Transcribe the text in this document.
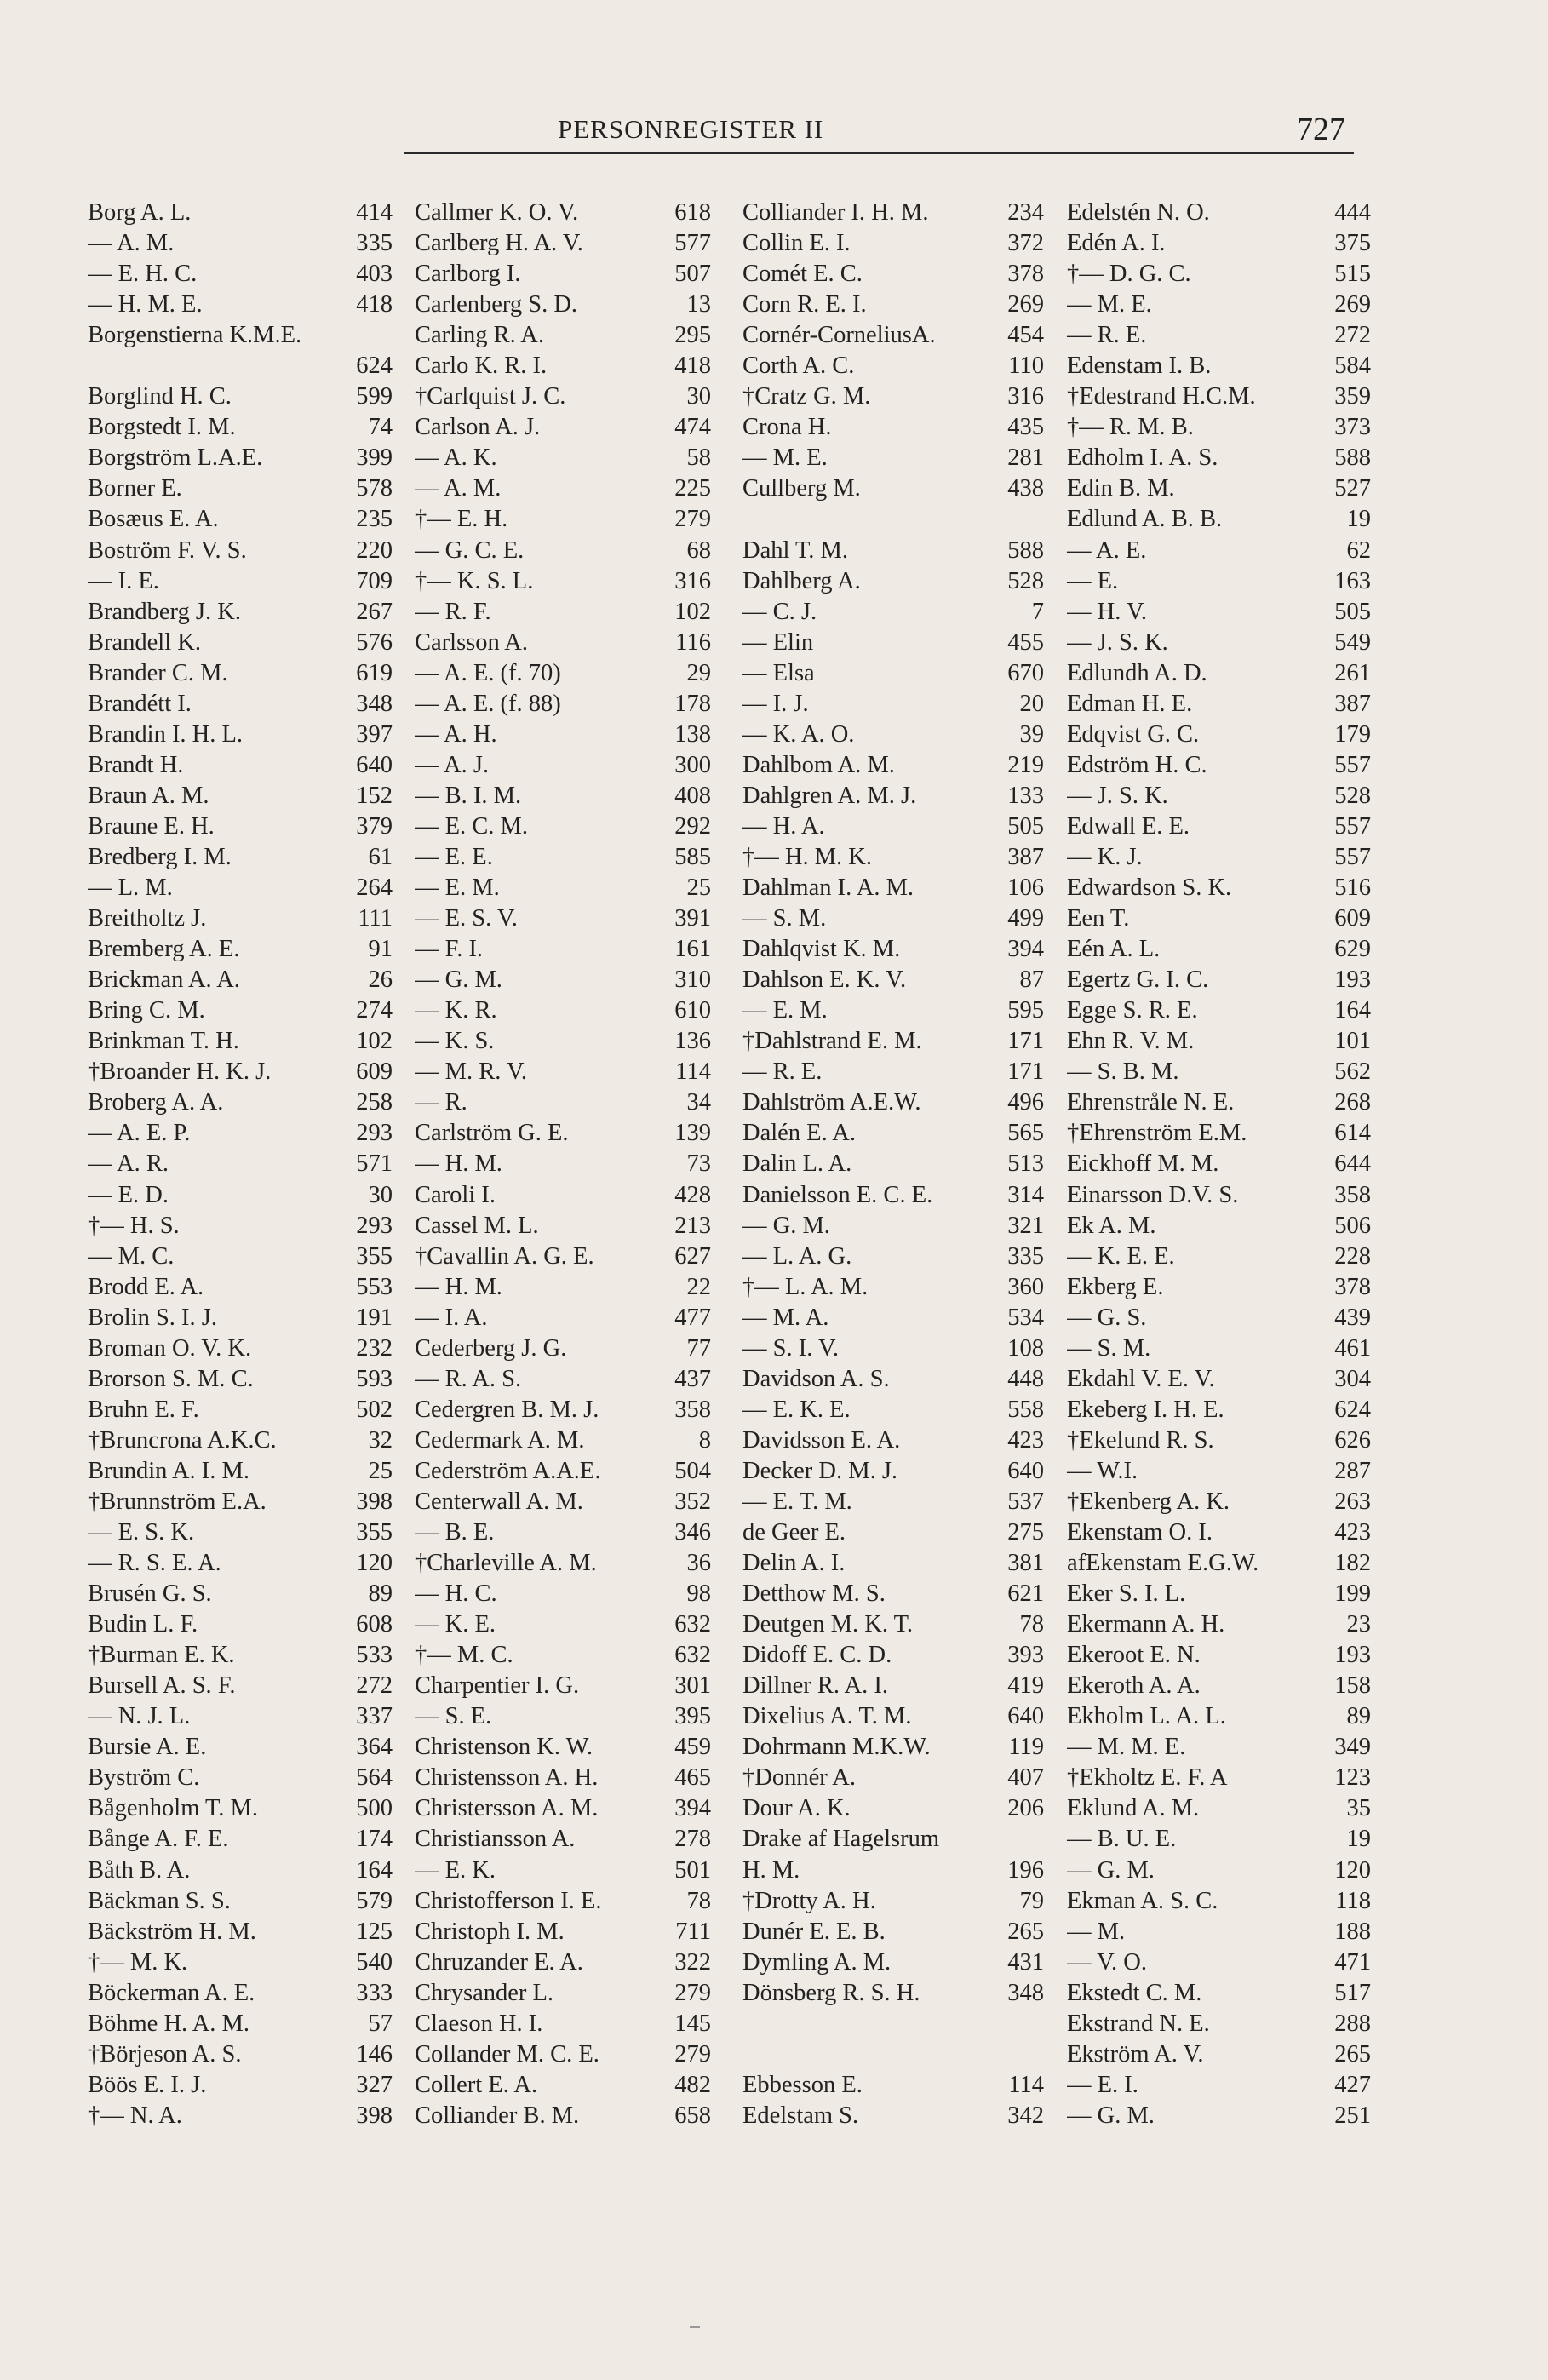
PERSONREGISTER II	727
Borg A. L.	414
— A. M.	335
— E. H. C.	403
— H. M. E.	418
Borgenstierna K.M.E.
624
Borglind H. C.	599
Borgstedt I. M.	74
Borgström L.A.E.	399
Borner E.	578
Bosæus E. A.	235
Boström F. V. S.	220
— I. E.	709
Brandberg J. K.	267
Brandell K.	576
Brander C. M.	619
Brandétt I.	348
Brandin I. H. L.	397
Brandt H.	640
Braun A. M.	152
Braune E. H.	379
Bredberg I. M.	61
— L. M.	264
Breitholtz J.	111
Bremberg A. E.	91
Brickman A. A.	26
Bring C. M.	274
Brinkman T. H.	102
†Broander H. K. J.	609
Broberg A. A.	258
— A. E. P.	293
— A. R.	571
— E. D.	30
†— H. S.	293
— M. C.	355
Brodd E. A.	553
Brolin S. I. J.	191
Broman O. V. K.	232
Brorson S. M. C.	593
Bruhn E. F.	502
†Bruncrona A.K.C.	32
Brundin A. I. M.	25
†Brunnström E.A.	398
— E. S. K.	355
— R. S. E. A.	120
Brusén G. S.	89
Budin L. F.	608
†Burman E. K.	533
Bursell A. S. F.	272
— N. J. L.	337
Bursie A. E.	364
Byström C.	564
Bågenholm T. M.	500
Bånge A. F. E.	174
Båth B. A.	164
Bäckman S. S.	579
Bäckström H. M.	125
†— M. K.	540
Böckerman A. E.	333
Böhme H. A. M.	57
†Börjeson A. S.	146
Böös E. I. J.	327
†— N. A.	398
Callmer K. O. V.	618
Carlberg H. A. V.	577
Carlborg I.	507
Carlenberg S. D.	13
Carling R. A.	295
Carlo K. R. I.	418
†Carlquist J. C.	30
Carlson A. J.	474
— A. K.	58
— A. M.	225
†— E. H.	279
— G. C. E.	68
†— K. S. L.	316
— R. F.	102
Carlsson A.	116
— A. E. (f. 70)	29
— A. E. (f. 88)	178
— A. H.	138
— A. J.	300
— B. I. M.	408
— E. C. M.	292
— E. E.	585
— E. M.	25
— E. S. V.	391
— F. I.	161
— G. M.	310
— K. R.	610
— K. S.	136
— M. R. V.	114
— R.	34
Carlström G. E.	139
— H. M.	73
Caroli I.	428
Cassel M. L.	213
†Cavallin A. G. E.	627
— H. M.	22
— I. A.	477
Cederberg J. G.	77
— R. A. S.	437
Cedergren B. M. J.	358
Cedermark A. M.	8
Cederström A.A.E.	504
Centerwall A. M.	352
— B. E.	346
†Charleville A. M.	36
— H. C.	98
— K. E.	632
†— M. C.	632
Charpentier I. G.	301
— S. E.	395
Christenson K. W.	459
Christensson A. H.	465
Christersson A. M.	394
Christiansson A.	278
— E. K.	501
Christofferson I. E.	78
Christoph I. M.	711
Chruzander E. A.	322
Chrysander L.	279
Claeson H. I.	145
Collander M. C. E.	279
Collert E. A.	482
Colliander B. M.	658
Colliander I. H. M.	234
Collin E. I.	372
Comét E. C.	378
Corn R. E. I.	269
Cornér-CorneliusA.	454
Corth A. C.	110
†Cratz G. M.	316
Crona H.	435
— M. E.	281
Cullberg M.	438
Dahl T. M.	588
Dahlberg A.	528
— C. J.	7
— Elin	455
— Elsa	670
— I. J.	20
— K. A. O.	39
Dahlbom A. M.	219
Dahlgren A. M. J.	133
— H. A.	505
†— H. M. K.	387
Dahlman I. A. M.	106
— S. M.	499
Dahlqvist K. M.	394
Dahlson E. K. V.	87
— E. M.	595
†Dahlstrand E. M.	171
— R. E.	171
Dahlström A.E.W.	496
Dalén E. A.	565
Dalin L. A.	513
Danielsson E. C. E.	314
— G. M.	321
— L. A. G.	335
†— L. A. M.	360
— M. A.	534
— S. I. V.	108
Davidson A. S.	448
— E. K. E.	558
Davidsson E. A.	423
Decker D. M. J.	640
— E. T. M.	537
de Geer E.	275
Delin A. I.	381
Detthow M. S.	621
Deutgen M. K. T.	78
Didoff E. C. D.	393
Dillner R. A. I.	419
Dixelius A. T. M.	640
Dohrmann M.K.W.	119
†Donnér A.	407
Dour A. K.	206
Drake af Hagelsrum
H. M.	196
†Drotty A. H.	79
Dunér E. E. B.	265
Dymling A. M.	431
Dönsberg R. S. H.	348
Ebbesson E.	114
Edelstam S.	342
Edelstén N. O.	444
Edén A. I.	375
†— D. G. C.	515
— M. E.	269
— R. E.	272
Edenstam I. B.	584
†Edestrand H.C.M.	359
†— R. M. B.	373
Edholm I. A. S.	588
Edin B. M.	527
Edlund A. B. B.	19
— A. E.	62
— E.	163
— H. V.	505
— J. S. K.	549
Edlundh A. D.	261
Edman H. E.	387
Edqvist G. C.	179
Edström H. C.	557
— J. S. K.	528
Edwall E. E.	557
— K. J.	557
Edwardson S. K.	516
Een T.	609
Eén A. L.	629
Egertz G. I. C.	193
Egge S. R. E.	164
Ehn R. V. M.	101
— S. B. M.	562
Ehrenstråle N. E.	268
†Ehrenström E.M.	614
Eickhoff M. M.	644
Einarsson D.V. S.	358
Ek A. M.	506
— K. E. E.	228
Ekberg E.	378
— G. S.	439
— S. M.	461
Ekdahl V. E. V.	304
Ekeberg I. H. E.	624
†Ekelund R. S.	626
— W.I.	287
†Ekenberg A. K.	263
Ekenstam O. I.	423
afEkenstam E.G.W.	182
Eker S. I. L.	199
Ekermann A. H.	23
Ekeroot E. N.	193
Ekeroth A. A.	158
Ekholm L. A. L.	89
— M. M. E.	349
†Ekholtz E. F. A	123
Eklund A. M.	35
— B. U. E.	19
— G. M.	120
Ekman A. S. C.	118
— M.	188
— V. O.	471
Ekstedt C. M.	517
Ekstrand N. E.	288
Ekström A. V.	265
— E. I.	427
— G. M.	251
